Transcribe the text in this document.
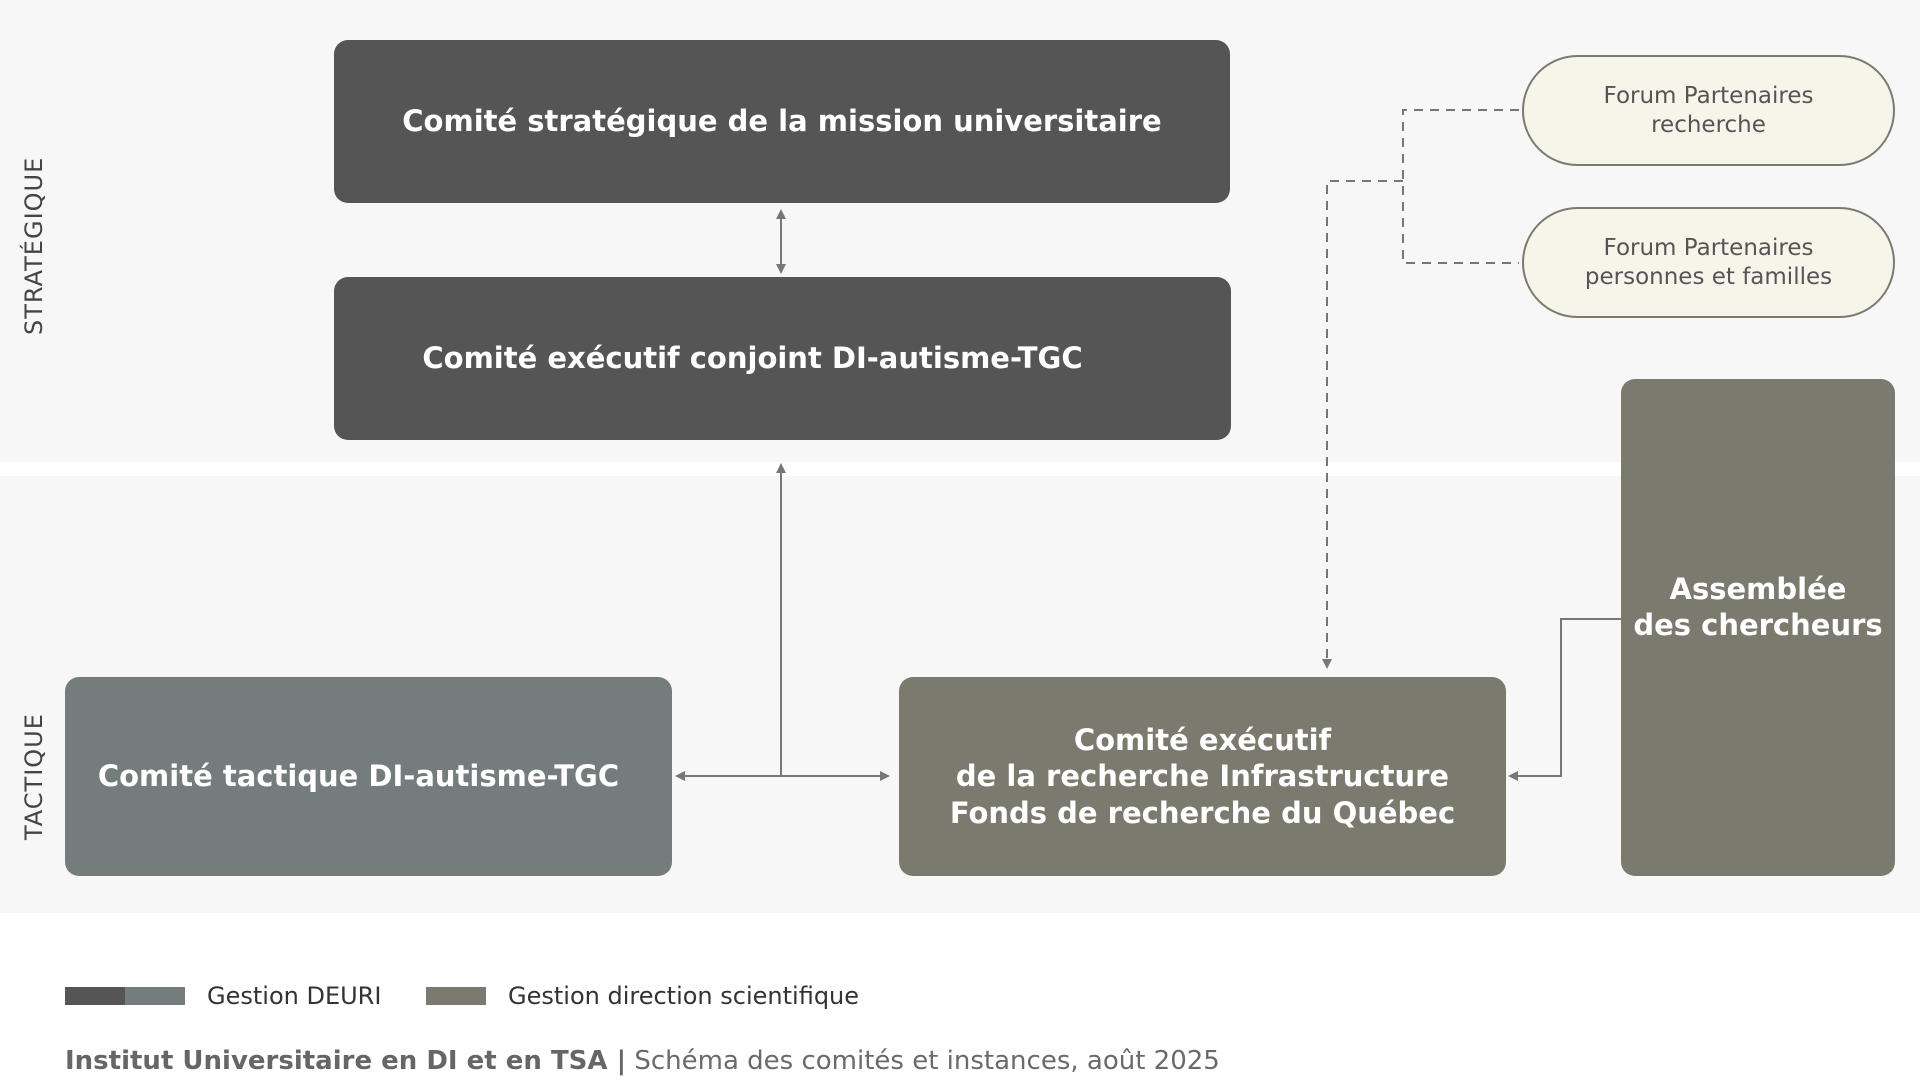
STRATÉGIQUE
TACTIQUE
Comité stratégique de la mission universitaire
Comité exécutif conjoint DI-autisme-TGC
Comité tactique DI-autisme-TGC
Comité exécutif
de la recherche Infrastructure
Fonds de recherche du Québec
Assemblée
des chercheurs
Forum Partenaires
recherche
Forum Partenaires
personnes et familles
Gestion DEURI	Gestion direction scientifique
Institut Universitaire en DI et en TSA | Schéma des comités et instances, août 2025
